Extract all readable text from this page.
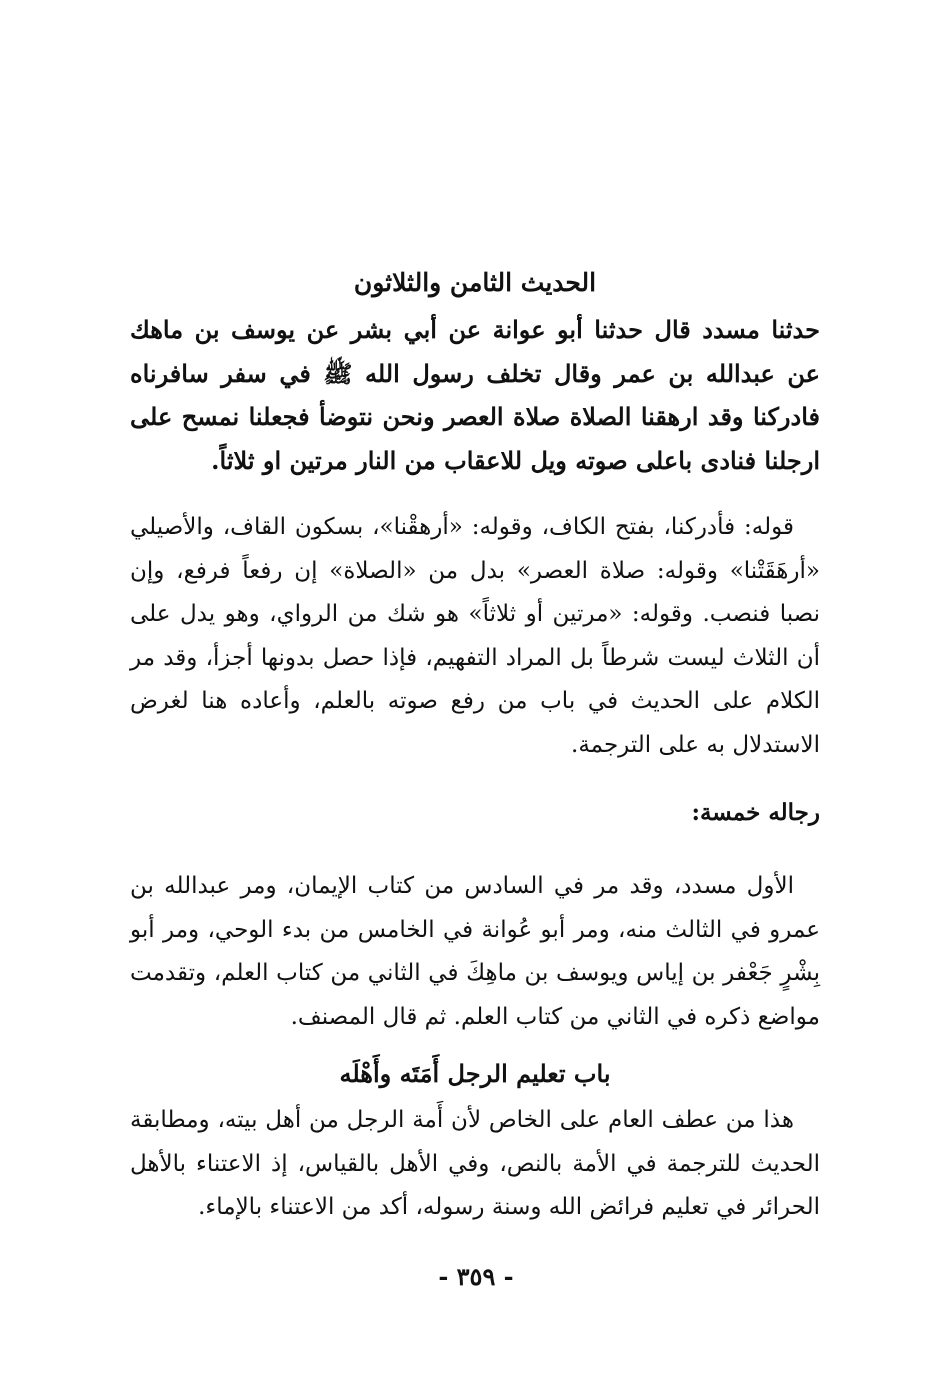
الحديث الثامن والثلاثون

حدثنا مسدد قال حدثنا أبو عوانة عن أبي بشر عن يوسف بن ماهك عن عبدالله بن عمر وقال تخلف رسول الله ﷺ في سفر سافرناه فادركنا وقد ارهقنا الصلاة صلاة العصر ونحن نتوضأ فجعلنا نمسح على ارجلنا فنادى باعلى صوته ويل للاعقاب من النار مرتين او ثلاثاً.

قوله: فأدركنا، بفتح الكاف، وقوله: «أرهقْنا»، بسكون القاف، والأصيلي «أرهَقَتْنا» وقوله: صلاة العصر» بدل من «الصلاة» إن رفعاً فرفع، وإن نصبا فنصب. وقوله: «مرتين أو ثلاثاً» هو شك من الرواي، وهو يدل على أن الثلاث ليست شرطاً بل المراد التفهيم، فإذا حصل بدونها أجزأ، وقد مر الكلام على الحديث في باب من رفع صوته بالعلم، وأعاده هنا لغرض الاستدلال به على الترجمة.

رجاله خمسة:

الأول مسدد، وقد مر في السادس من كتاب الإيمان، ومر عبدالله بن عمرو في الثالث منه، ومر أبو عُوانة في الخامس من بدء الوحي، ومر أبو بِشْرٍ جَعْفر بن إياس ويوسف بن ماهِكَ في الثاني من كتاب العلم، وتقدمت مواضع ذكره في الثاني من كتاب العلم. ثم قال المصنف.

باب تعليم الرجل أَمَتَه وأَهْلَه

هذا من عطف العام على الخاص لأن أَمة الرجل من أهل بيته، ومطابقة الحديث للترجمة في الأمة بالنص، وفي الأهل بالقياس، إذ الاعتناء بالأهل الحرائر في تعليم فرائض الله وسنة رسوله، أكد من الاعتناء بالإماء.

- ٣٥٩ -
